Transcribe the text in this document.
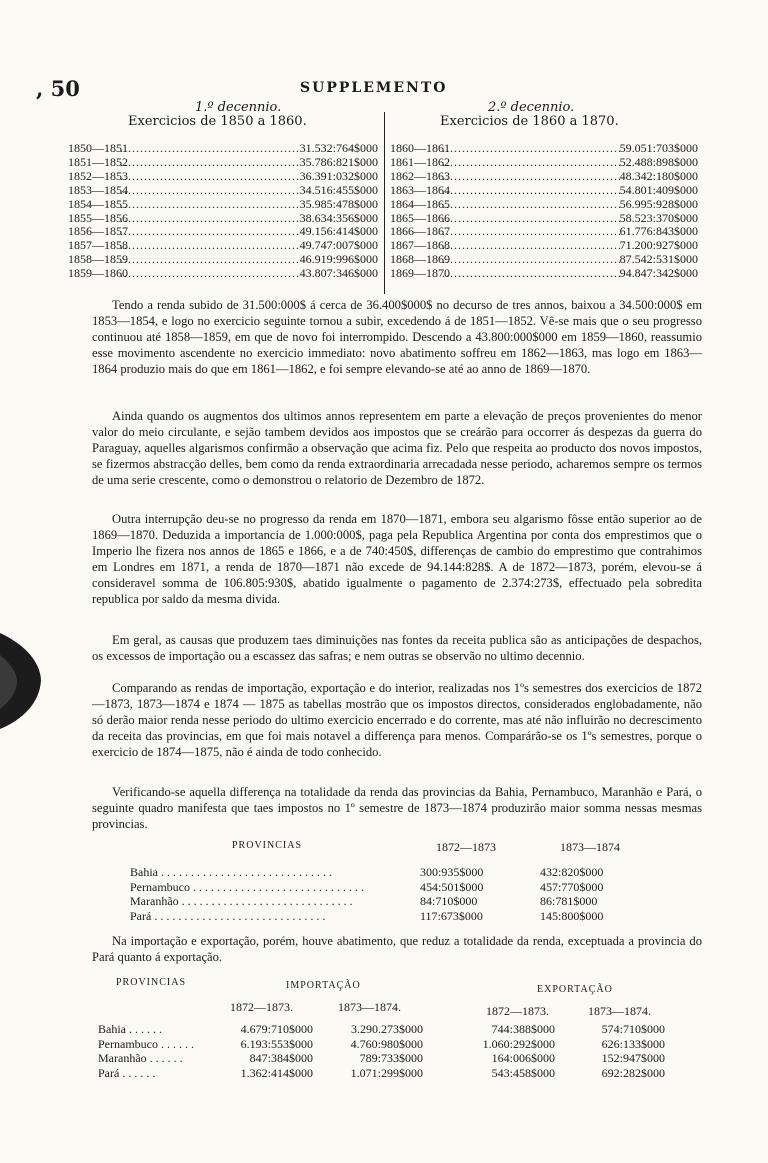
, 50	SUPPLEMENTO
1.º decennio.
Exercicios de 1850 a 1860.
1850—1851 .....	31.532:764$000
1851—1852 .....	35.786:821$000
1852—1853 .....	36.391:032$000
1853—1854 .....	34.516:455$000
1854—1855 .....	35.985:478$000
1855—1856 .....	38.634:356$000
1856—1857 .....	49.156:414$000
1857—1858 .....	49.747:007$000
1858—1859 .....	46.919:996$000
1859—1860 .....	43.807:346$000
2.º decennio.
Exercicios de 1860 a 1870.
1860—1861 .....	59.051:703$000
1861—1862 .....	52.488:898$000
1862—1863 .....	48.342:180$000
1863—1864 .....	54.801:409$000
1864—1865 .....	56.995:928$000
1865—1866 .....	58.523:370$000
1866—1867 .....	61.776:843$000
1867—1868 .....	71.200:927$000
1868—1869 .....	87.542:531$000
1869—1870 .....	94.847:342$000
Tendo a renda subido de 31.500:000$ á cerca de 36.400$000$ no decurso de tres annos, baixou a 34.500:000$ em 1853—1854, e logo no exercicio seguinte tornou a subir, excedendo á de 1851—1852. Vê-se mais que o seu progresso continuou até 1858—1859, em que de novo foi interrompido. Descendo a 43.800:000$000 em 1859—1860, reassumio esse movimento ascendente no exercicio immediato: novo abatimento soffreu em 1862—1863, mas logo em 1863—1864 produzio mais do que em 1861—1862, e foi sempre elevando-se até ao anno de 1869—1870.
Ainda quando os augmentos dos ultimos annos representem em parte a elevação de preços provenientes do menor valor do meio circulante, e sejão tambem devidos aos impostos que se creárão para occorrer ás despezas da guerra do Paraguay, aquelles algarismos confirmão a observação que acima fiz. Pelo que respeita ao producto dos novos impostos, se fizermos abstracção delles, bem como da renda extraordinaria arrecadada nesse periodo, acharemos sempre os termos de uma serie crescente, como o demonstrou o relatorio de Dezembro de 1872.
Outra interrupção deu-se no progresso da renda em 1870—1871, embora seu algarismo fôsse então superior ao de 1869—1870. Deduzida a importancia de 1.000:000$, paga pela Republica Argentina por conta dos emprestimos que o Imperio lhe fizera nos annos de 1865 e 1866, e a de 740:450$, differenças de cambio do emprestimo que contrahimos em Londres em 1871, a renda de 1870—1871 não excede de 94.144:828$. A de 1872—1873, porém, elevou-se á consideravel somma de 106.805:930$, abatido igualmente o pagamento de 2.374:273$, effectuado pela sobredita republica por saldo da mesma divida.
Em geral, as causas que produzem taes diminuições nas fontes da receita publica são as anticipações de despachos, os excessos de importação ou a escassez das safras; e nem outras se observão no ultimo decennio.
Comparando as rendas de importação, exportação e do interior, realizadas nos 1ºs semestres dos exercicios de 1872—1873, 1873—1874 e 1874 — 1875 as tabellas mostrão que os impostos directos, considerados englobadamente, não só derão maior renda nesse periodo do ultimo exercicio encerrado e do corrente, mas até não influirão no decrescimento da receita das provincias, em que foi mais notavel a differença para menos. Comparárão-se os 1ºs semestres, porque o exercicio de 1874—1875, não é ainda de todo conhecido.
Verificando-se aquella differença na totalidade da renda das provincias da Bahia, Pernambuco, Maranhão e Pará, o seguinte quadro manifesta que taes impostos no 1º semestre de 1873—1874 produzirão maior somma nessas mesmas provincias.
PROVINCIAS	1872—1873	1873—1874
Bahia . . .	300:935$000	432:820$000
Pernambuco . . .	454:501$000	457:770$000
Maranhão . . .	84:710$000	86:781$000
Pará . . .	117:673$000	145:800$000
Na importação e exportação, porém, houve abatimento, que reduz a totalidade da renda, exceptuada a provincia do Pará quanto á exportação.
PROVINCIAS	IMPORTAÇÃO	EXPORTAÇÃO
1872—1873.	1873—1874.	1872—1873.	1873—1874.
Bahia . . .	4.679:710$000	3.290.273$000	744:388$000	574:710$000
Pernambuco . . .	6.193:553$000	4.760:980$000	1.060:292$000	626:133$000
Maranhão . . .	847:384$000	789:733$000	164:006$000	152:947$000
Pará . . .	1.362:414$000	1.071:299$000	543:458$000	692:282$000
